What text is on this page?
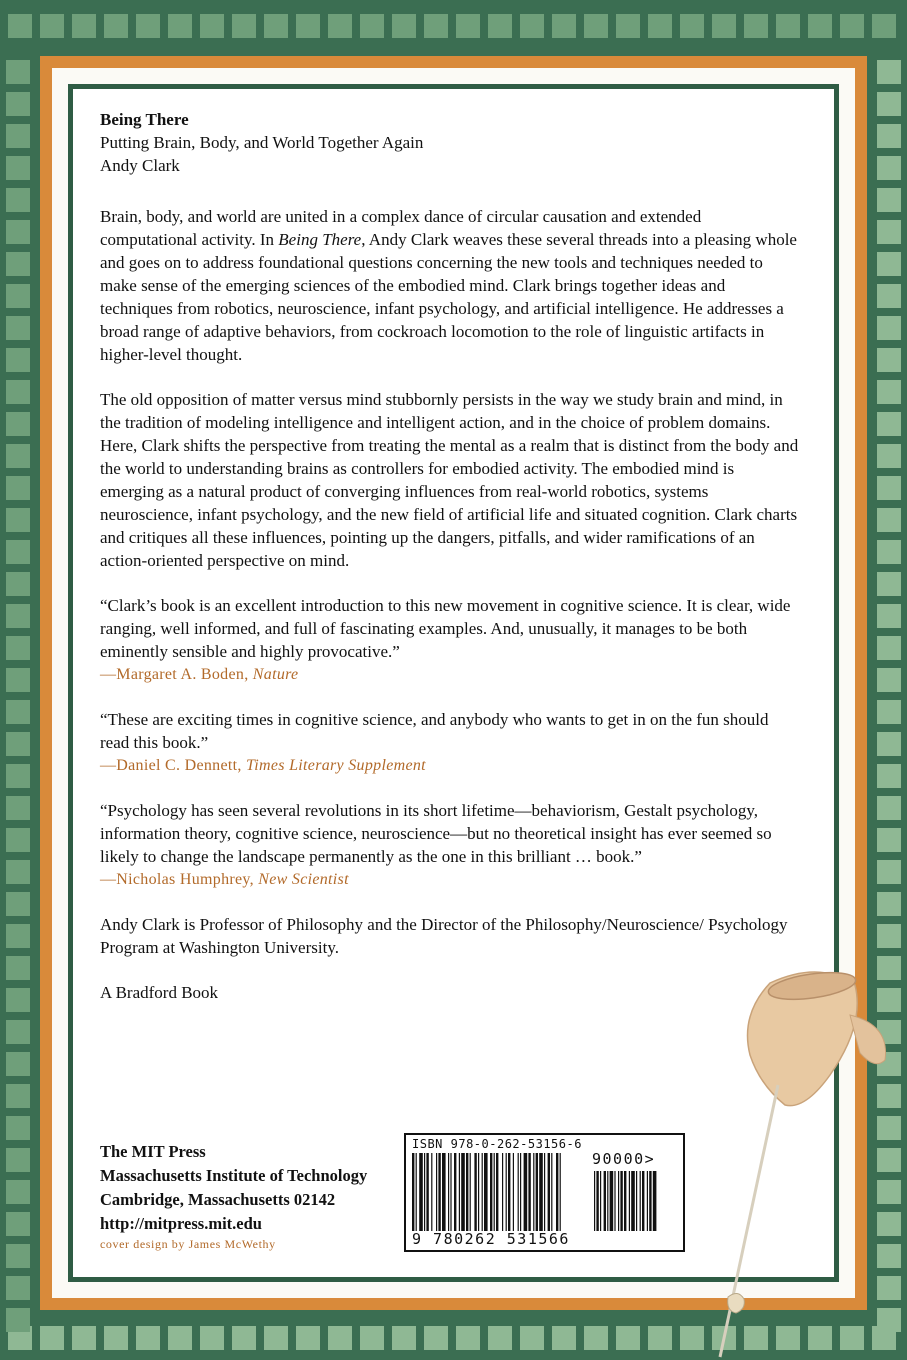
Being There

Putting Brain, Body, and World Together Again

Andy Clark

Brain, body, and world are united in a complex dance of circular causation and extended computational activity. In Being There, Andy Clark weaves these several threads into a pleasing whole and goes on to address foundational questions concerning the new tools and techniques needed to make sense of the emerging sciences of the embodied mind. Clark brings together ideas and techniques from robotics, neuroscience, infant psychology, and artificial intelligence. He addresses a broad range of adaptive behaviors, from cockroach locomotion to the role of linguistic artifacts in higher-level thought.

The old opposition of matter versus mind stubbornly persists in the way we study brain and mind, in the tradition of modeling intelligence and intelligent action, and in the choice of problem domains. Here, Clark shifts the perspective from treating the mental as a realm that is distinct from the body and the world to understanding brains as controllers for embodied activity. The embodied mind is emerging as a natural product of converging influences from real-world robotics, systems neuroscience, infant psychology, and the new field of artificial life and situated cognition. Clark charts and critiques all these influences, pointing up the dangers, pitfalls, and wider ramifications of an action-oriented perspective on mind.

“Clark’s book is an excellent introduction to this new movement in cognitive science. It is clear, wide ranging, well informed, and full of fascinating examples. And, unusually, it manages to be both eminently sensible and highly provocative.”

—Margaret A. Boden, Nature

“These are exciting times in cognitive science, and anybody who wants to get in on the fun should read this book.”

—Daniel C. Dennett, Times Literary Supplement

“Psychology has seen several revolutions in its short lifetime—behaviorism, Gestalt psychology, information theory, cognitive science, neuroscience—but no theoretical insight has ever seemed so likely to change the landscape permanently as the one in this brilliant … book.”

—Nicholas Humphrey, New Scientist

Andy Clark is Professor of Philosophy and the Director of the Philosophy/Neuroscience/ Psychology Program at Washington University.

A Bradford Book

The MIT Press
Massachusetts Institute of Technology
Cambridge, Massachusetts 02142
http://mitpress.mit.edu
cover design by James McWethy
ISBN 978-0-262-53156-6
90000>
9 780262 531566
